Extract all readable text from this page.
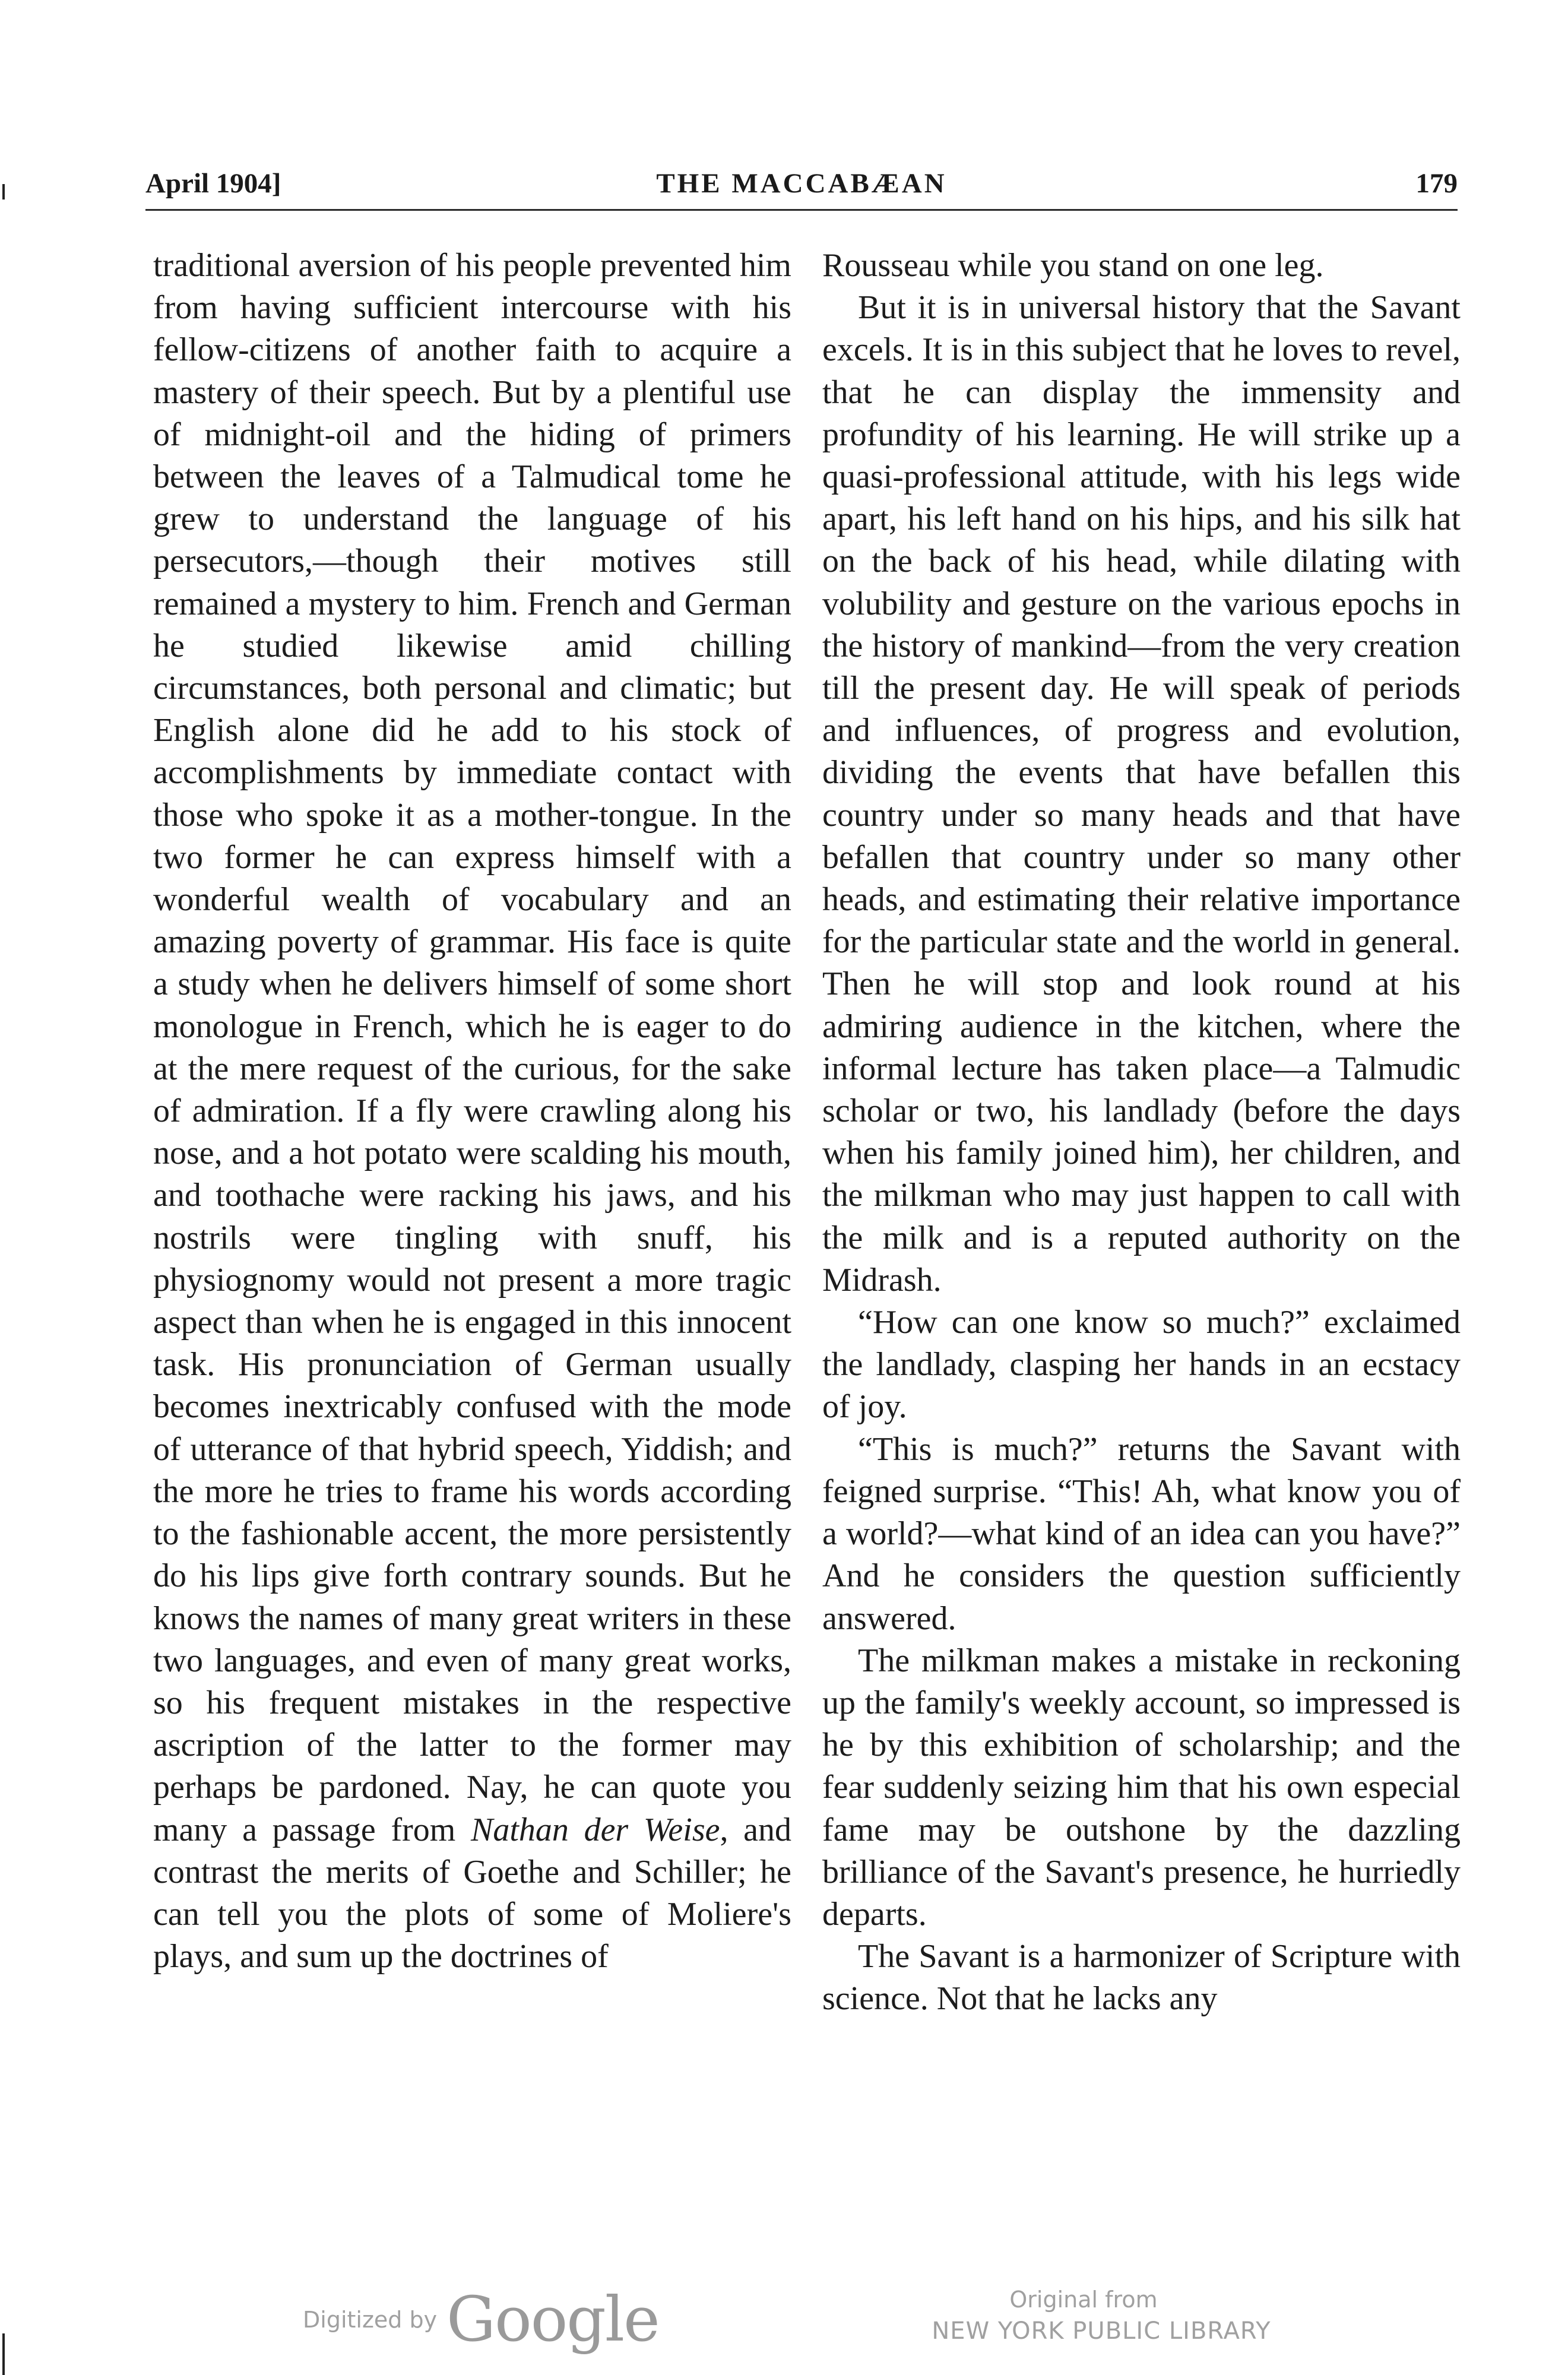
April 1904]	THE MACCABÆAN	179

traditional aversion of his people prevented him from having sufficient intercourse with his fellow-citizens of another faith to acquire a mastery of their speech. But by a plentiful use of midnight-oil and the hiding of primers between the leaves of a Talmudical tome he grew to understand the language of his persecutors,—though their motives still remained a mystery to him. French and German he studied likewise amid chilling circumstances, both personal and climatic; but English alone did he add to his stock of accomplishments by immediate contact with those who spoke it as a mother-tongue. In the two former he can express himself with a wonderful wealth of vocabulary and an amazing poverty of grammar. His face is quite a study when he delivers himself of some short monologue in French, which he is eager to do at the mere request of the curious, for the sake of admiration. If a fly were crawling along his nose, and a hot potato were scalding his mouth, and toothache were racking his jaws, and his nostrils were tingling with snuff, his physiognomy would not present a more tragic aspect than when he is engaged in this innocent task. His pronunciation of German usually becomes inextricably confused with the mode of utterance of that hybrid speech, Yiddish; and the more he tries to frame his words according to the fashionable accent, the more persistently do his lips give forth contrary sounds. But he knows the names of many great writers in these two languages, and even of many great works, so his frequent mistakes in the respective ascription of the latter to the former may perhaps be pardoned. Nay, he can quote you many a passage from Nathan der Weise, and contrast the merits of Goethe and Schiller; he can tell you the plots of some of Moliere's plays, and sum up the doctrines of

Rousseau while you stand on one leg.

But it is in universal history that the Savant excels. It is in this subject that he loves to revel, that he can display the immensity and profundity of his learning. He will strike up a quasi-professional attitude, with his legs wide apart, his left hand on his hips, and his silk hat on the back of his head, while dilating with volubility and gesture on the various epochs in the history of mankind—from the very creation till the present day. He will speak of periods and influences, of progress and evolution, dividing the events that have befallen this country under so many heads and that have befallen that country under so many other heads, and estimating their relative importance for the particular state and the world in general. Then he will stop and look round at his admiring audience in the kitchen, where the informal lecture has taken place—a Talmudic scholar or two, his landlady (before the days when his family joined him), her children, and the milkman who may just happen to call with the milk and is a reputed authority on the Midrash.

“How can one know so much?” exclaimed the landlady, clasping her hands in an ecstacy of joy.

“This is much?” returns the Savant with feigned surprise. “This! Ah, what know you of a world?—what kind of an idea can you have?” And he considers the question sufficiently answered.

The milkman makes a mistake in reckoning up the family's weekly account, so impressed is he by this exhibition of scholarship; and the fear suddenly seizing him that his own especial fame may be outshone by the dazzling brilliance of the Savant's presence, he hurriedly departs.

The Savant is a harmonizer of Scripture with science. Not that he lacks any

Digitized by Google	Original from
NEW YORK PUBLIC LIBRARY
